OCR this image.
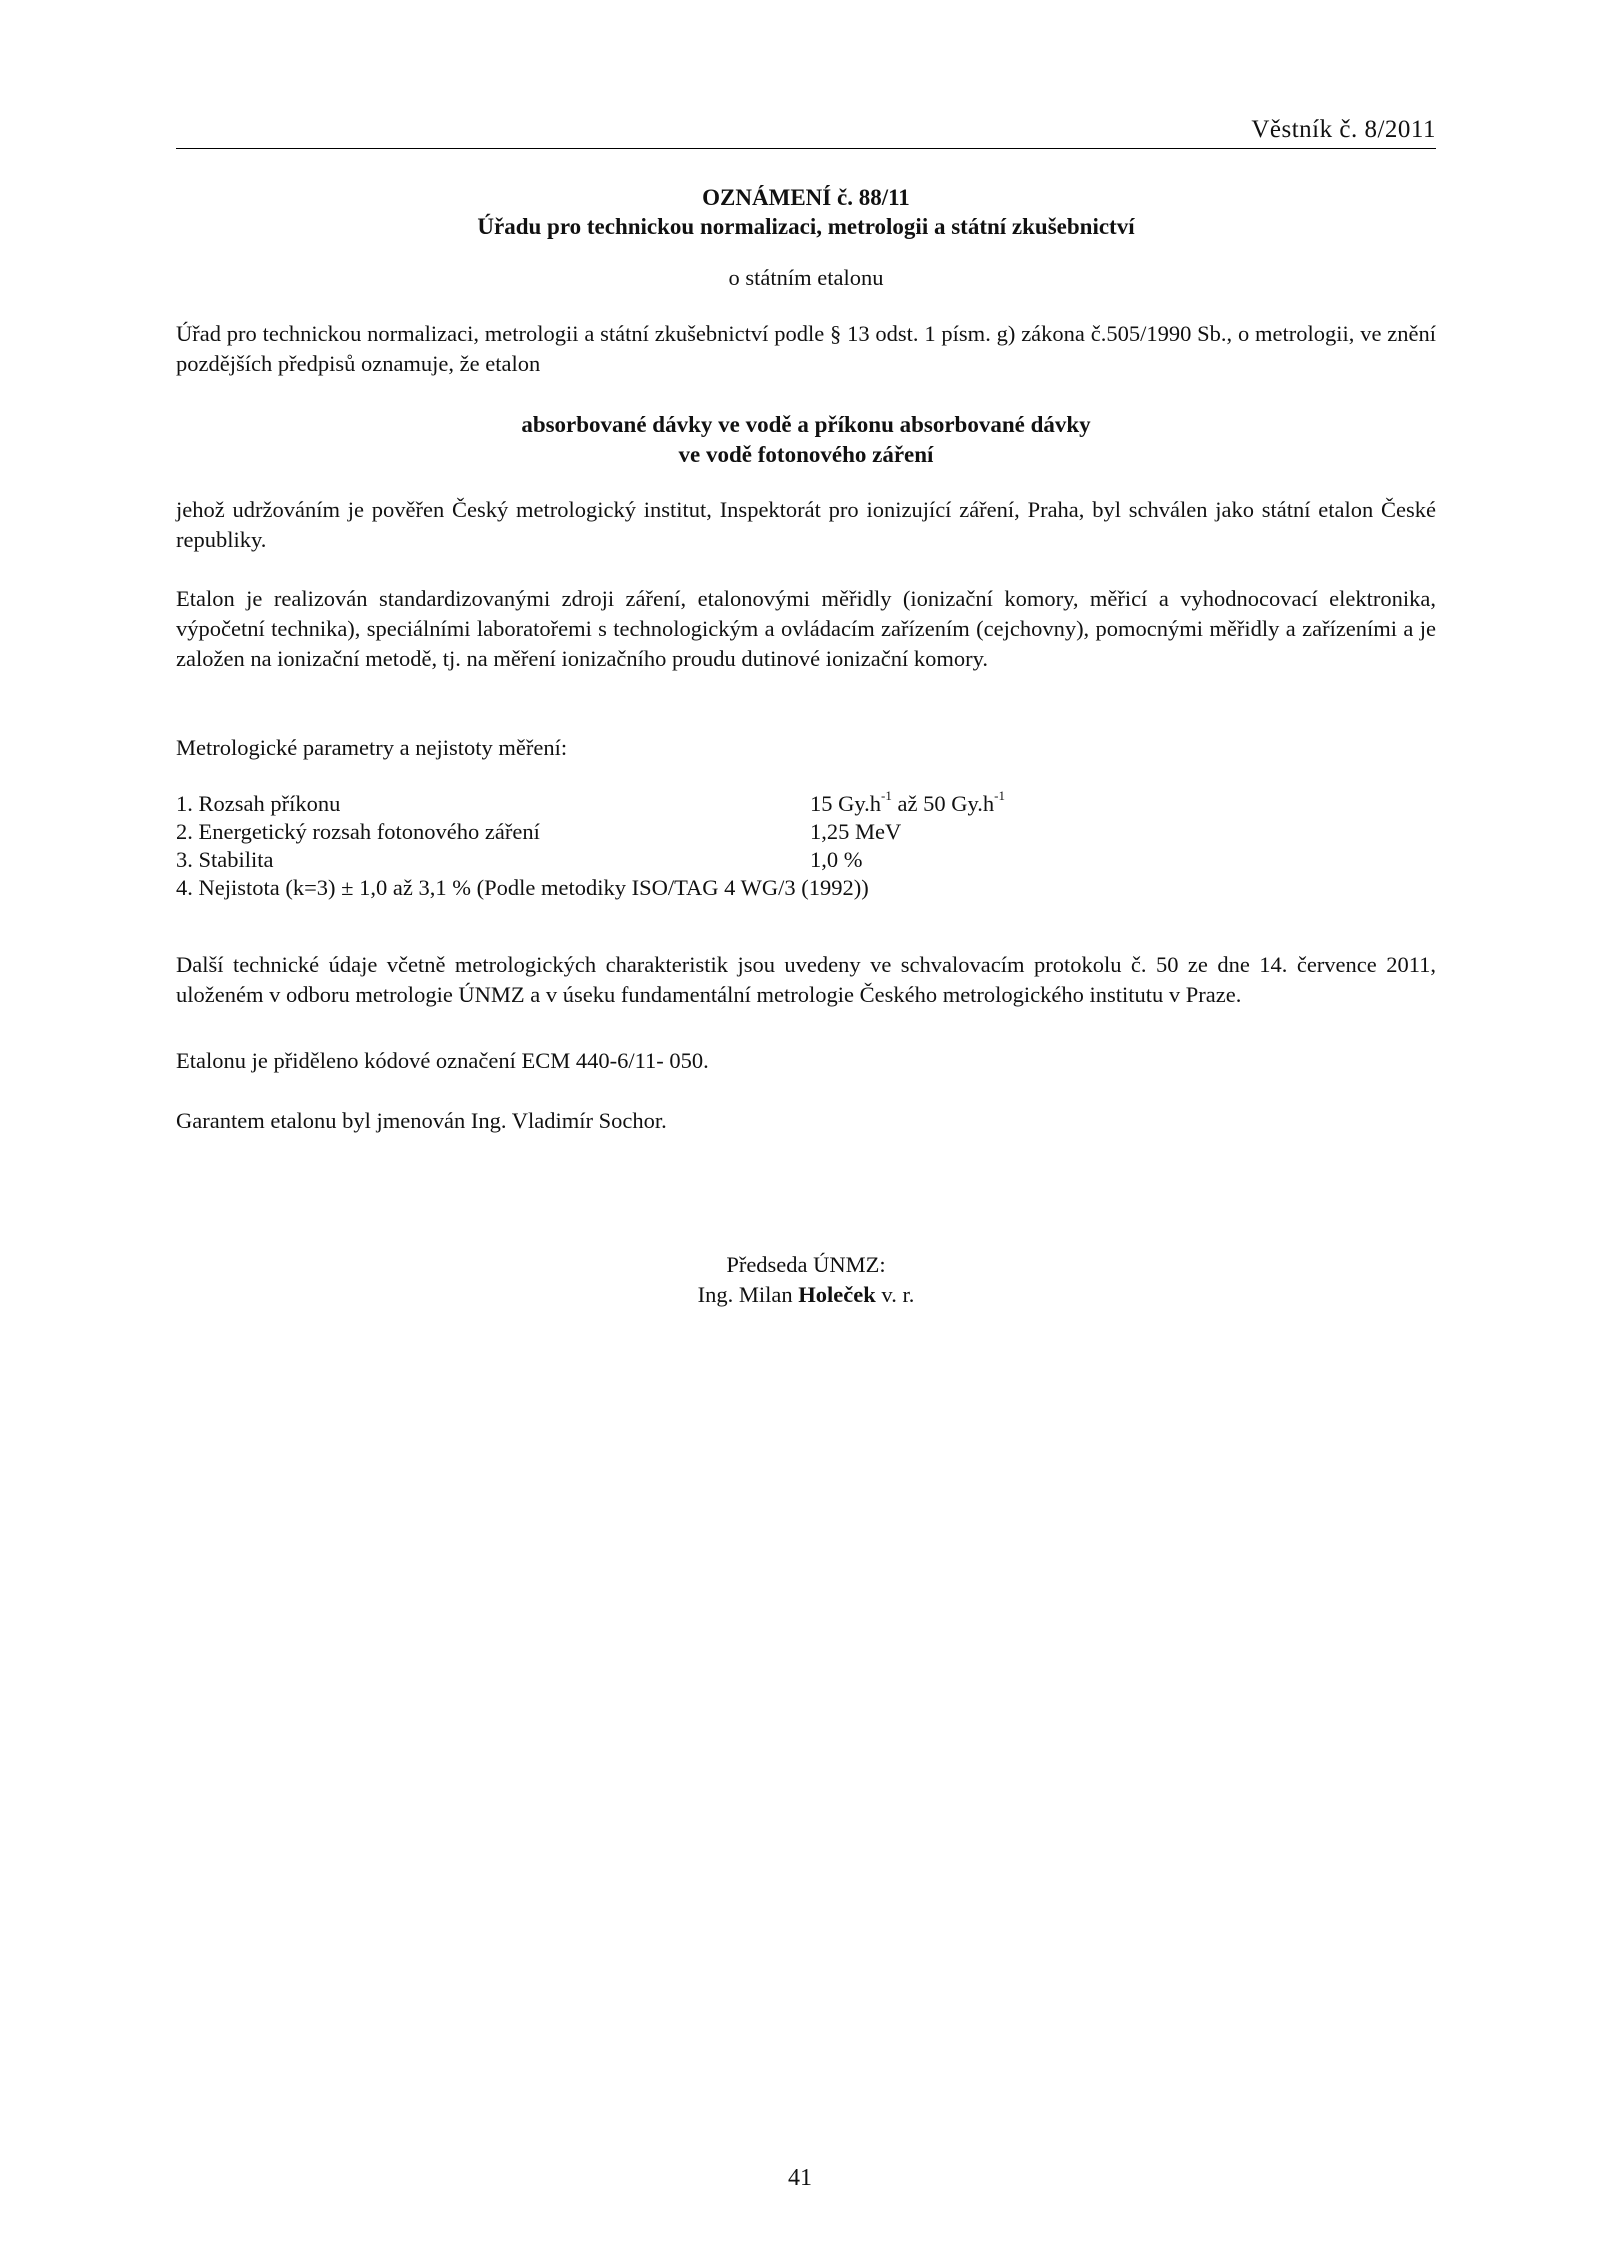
Věstník č. 8/2011
OZNÁMENÍ č. 88/11
Úřadu pro technickou normalizaci, metrologii a státní zkušebnictví
o státním etalonu
Úřad pro technickou normalizaci, metrologii a státní zkušebnictví podle § 13 odst. 1 písm. g) zákona č.505/1990 Sb., o metrologii, ve znění pozdějších předpisů oznamuje, že etalon
absorbované dávky ve vodě a příkonu absorbované dávky
ve vodě fotonového záření
jehož udržováním je pověřen Český metrologický institut, Inspektorát pro ionizující záření, Praha, byl schválen jako státní etalon České republiky.
Etalon je realizován standardizovanými zdroji záření, etalonovými měřidly (ionizační komory, měřicí a vyhodnocovací elektronika, výpočetní technika), speciálními laboratořemi s technologickým a ovládacím zařízením (cejchovny), pomocnými měřidly a zařízeními a je založen na ionizační metodě, tj. na měření ionizačního proudu dutinové ionizační komory.
Metrologické parametry a nejistoty měření:
1. Rozsah příkonu	15 $Gy.h^{-1}$ až 50 $Gy.h^{-1}$
2. Energetický rozsah fotonového záření	1,25 MeV
3. Stabilita	1,0 %
4. Nejistota (k=3) ± 1,0 až 3,1 % (Podle metodiky ISO/TAG 4 WG/3 (1992))
Další technické údaje včetně metrologických charakteristik jsou uvedeny ve schvalovacím protokolu č. 50 ze dne 14. července 2011, uloženém v odboru metrologie ÚNMZ a v úseku fundamentální metrologie Českého metrologického institutu v Praze.
Etalonu je přiděleno kódové označení ECM 440-6/11- 050.
Garantem etalonu byl jmenován Ing. Vladimír Sochor.
Předseda ÚNMZ:
Ing. Milan Holeček v. r.
41
